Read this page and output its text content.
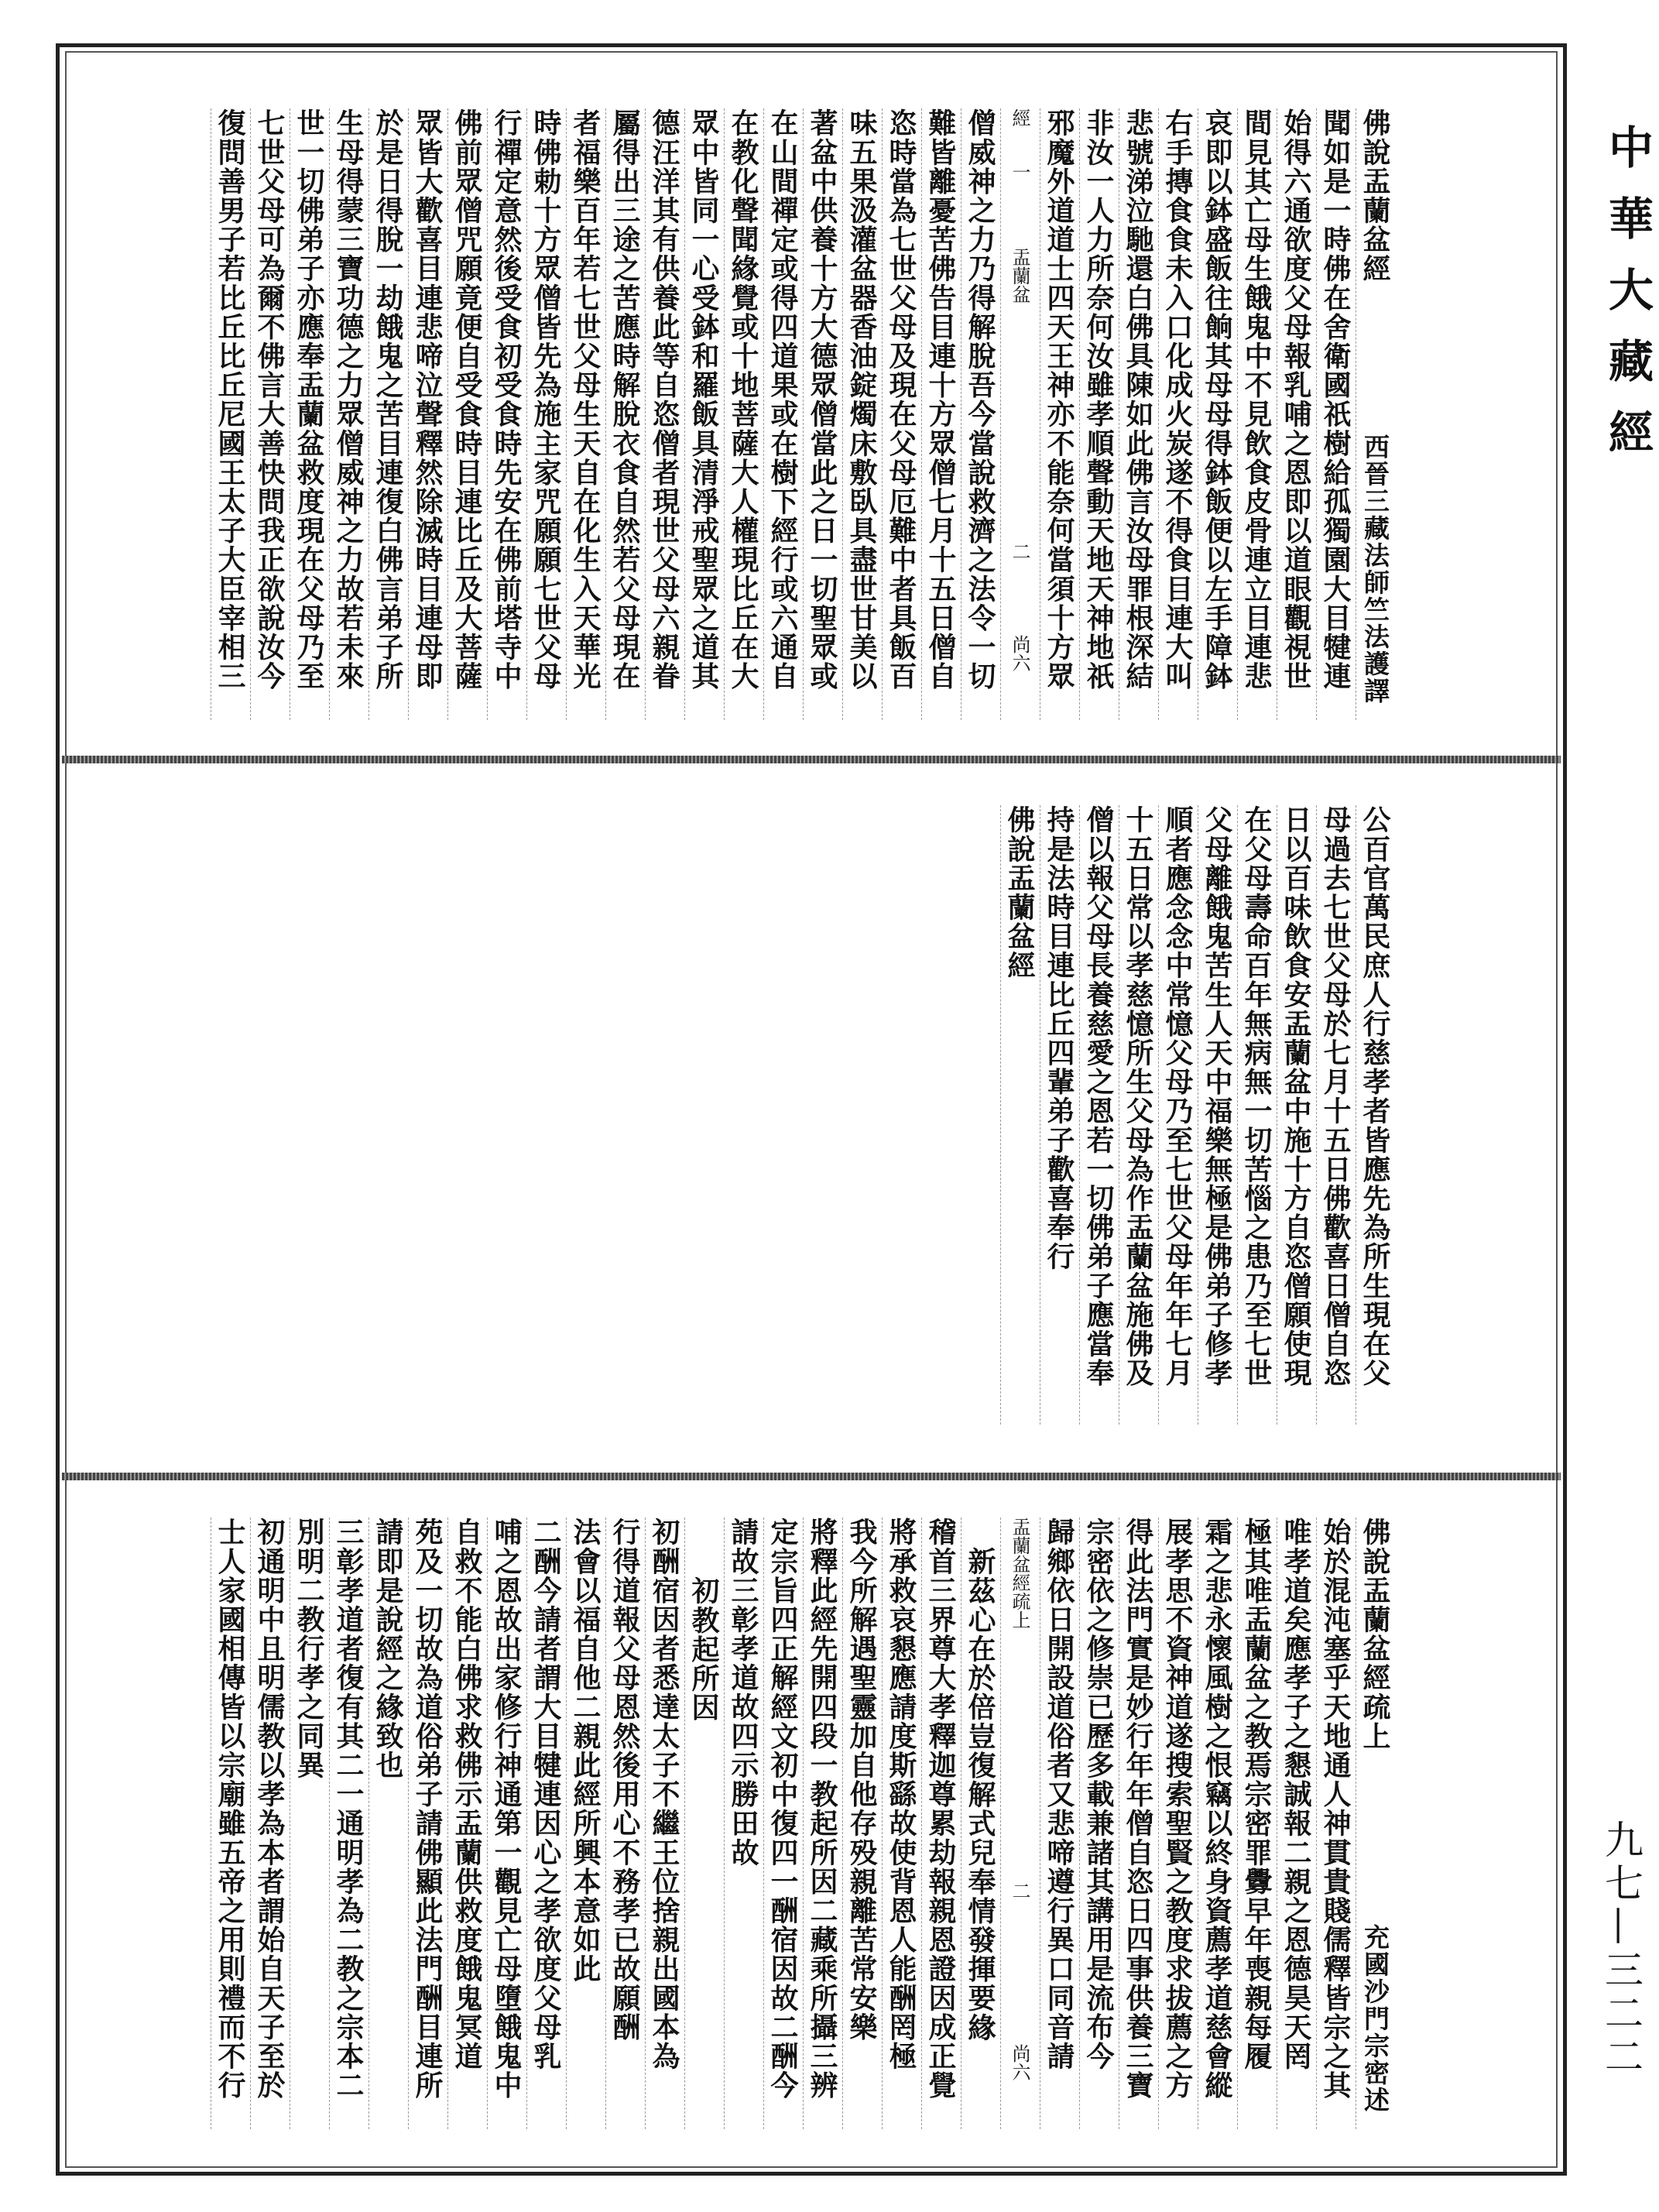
中華大藏經
九七—三二二
佛說盂蘭盆經
西晉三藏法師竺法護譯
聞如是一時佛在舍衛國祇樹給孤獨園大目犍連
始得六通欲度父母報乳哺之恩即以道眼觀視世
間見其亡母生餓鬼中不見飲食皮骨連立目連悲
哀即以鉢盛飯往餉其母母得鉢飯便以左手障鉢
右手摶食食未入口化成火炭遂不得食目連大叫
悲號涕泣馳還白佛具陳如此佛言汝母罪根深結
非汝一人力所奈何汝雖孝順聲動天地天神地祇
邪魔外道道士四天王神亦不能奈何當須十方眾
經
一
盂蘭盆
二
尚六
僧威神之力乃得解脫吾今當說救濟之法令一切
難皆離憂苦佛告目連十方眾僧七月十五日僧自
恣時當為七世父母及現在父母厄難中者具飯百
味五果汲灌盆器香油錠燭床敷臥具盡世甘美以
著盆中供養十方大德眾僧當此之日一切聖眾或
在山間禪定或得四道果或在樹下經行或六通自
在教化聲聞緣覺或十地菩薩大人權現比丘在大
眾中皆同一心受鉢和羅飯具清淨戒聖眾之道其
德汪洋其有供養此等自恣僧者現世父母六親眷
屬得出三途之苦應時解脫衣食自然若父母現在
者福樂百年若七世父母生天自在化生入天華光
時佛勅十方眾僧皆先為施主家咒願願七世父母
行禪定意然後受食初受食時先安在佛前塔寺中
佛前眾僧咒願竟便自受食時目連比丘及大菩薩
眾皆大歡喜目連悲啼泣聲釋然除滅時目連母即
於是日得脫一劫餓鬼之苦目連復白佛言弟子所
生母得蒙三寶功德之力眾僧威神之力故若未來
世一切佛弟子亦應奉盂蘭盆救度現在父母乃至
七世父母可為爾不佛言大善快問我正欲說汝今
復問善男子若比丘比丘尼國王太子大臣宰相三
公百官萬民庶人行慈孝者皆應先為所生現在父
母過去七世父母於七月十五日佛歡喜日僧自恣
日以百味飲食安盂蘭盆中施十方自恣僧願使現
在父母壽命百年無病無一切苦惱之患乃至七世
父母離餓鬼苦生人天中福樂無極是佛弟子修孝
順者應念念中常憶父母乃至七世父母年年七月
十五日常以孝慈憶所生父母為作盂蘭盆施佛及
僧以報父母長養慈愛之恩若一切佛弟子應當奉
持是法時目連比丘四輩弟子歡喜奉行
佛說盂蘭盆經
佛說盂蘭盆經疏上
充國沙門宗密述
始於混沌塞乎天地通人神貫貴賤儒釋皆宗之其
唯孝道矣應孝子之懇誠報二親之恩德昊天罔
極其唯盂蘭盆之教焉宗密罪釁早年喪親每履
霜之悲永懷風樹之恨竊以終身資薦孝道慈會縱
展孝思不資神道遂搜索聖賢之教度求拔薦之方
得此法門實是妙行年年僧自恣日四事供養三寶
宗密依之修崇已歷多載兼諸其講用是流布今
歸鄉依日開設道俗者又悲啼遵行異口同音請
盂蘭盆經疏上
二
尚六
新茲心在於倍豈復解式兒奉情發揮要緣
稽首三界尊大孝釋迦尊累劫報親恩證因成正覺
將承救哀懇應請度斯繇故使背恩人能酬罔極
我今所解遇聖靈加自他存殁親離苦常安樂
將釋此經先開四段一教起所因二藏乘所攝三辨
定宗旨四正解經文初中復四一酬宿因故二酬今
請故三彰孝道故四示勝田故
初教起所因
初酬宿因者悉達太子不繼王位捨親出國本為
行得道報父母恩然後用心不務孝已故願酬
法會以福自他二親此經所興本意如此
二酬今請者謂大目犍連因心之孝欲度父母乳
哺之恩故出家修行神通第一觀見亡母墮餓鬼中
自救不能白佛求救佛示盂蘭供救度餓鬼冥道
苑及一切故為道俗弟子請佛顯此法門酬目連所
請即是說經之緣致也
三彰孝道者復有其二一通明孝為二教之宗本二
別明二教行孝之同異
初通明中且明儒教以孝為本者謂始自天子至於
士人家國相傳皆以宗廟雖五帝之用則禮而不行
